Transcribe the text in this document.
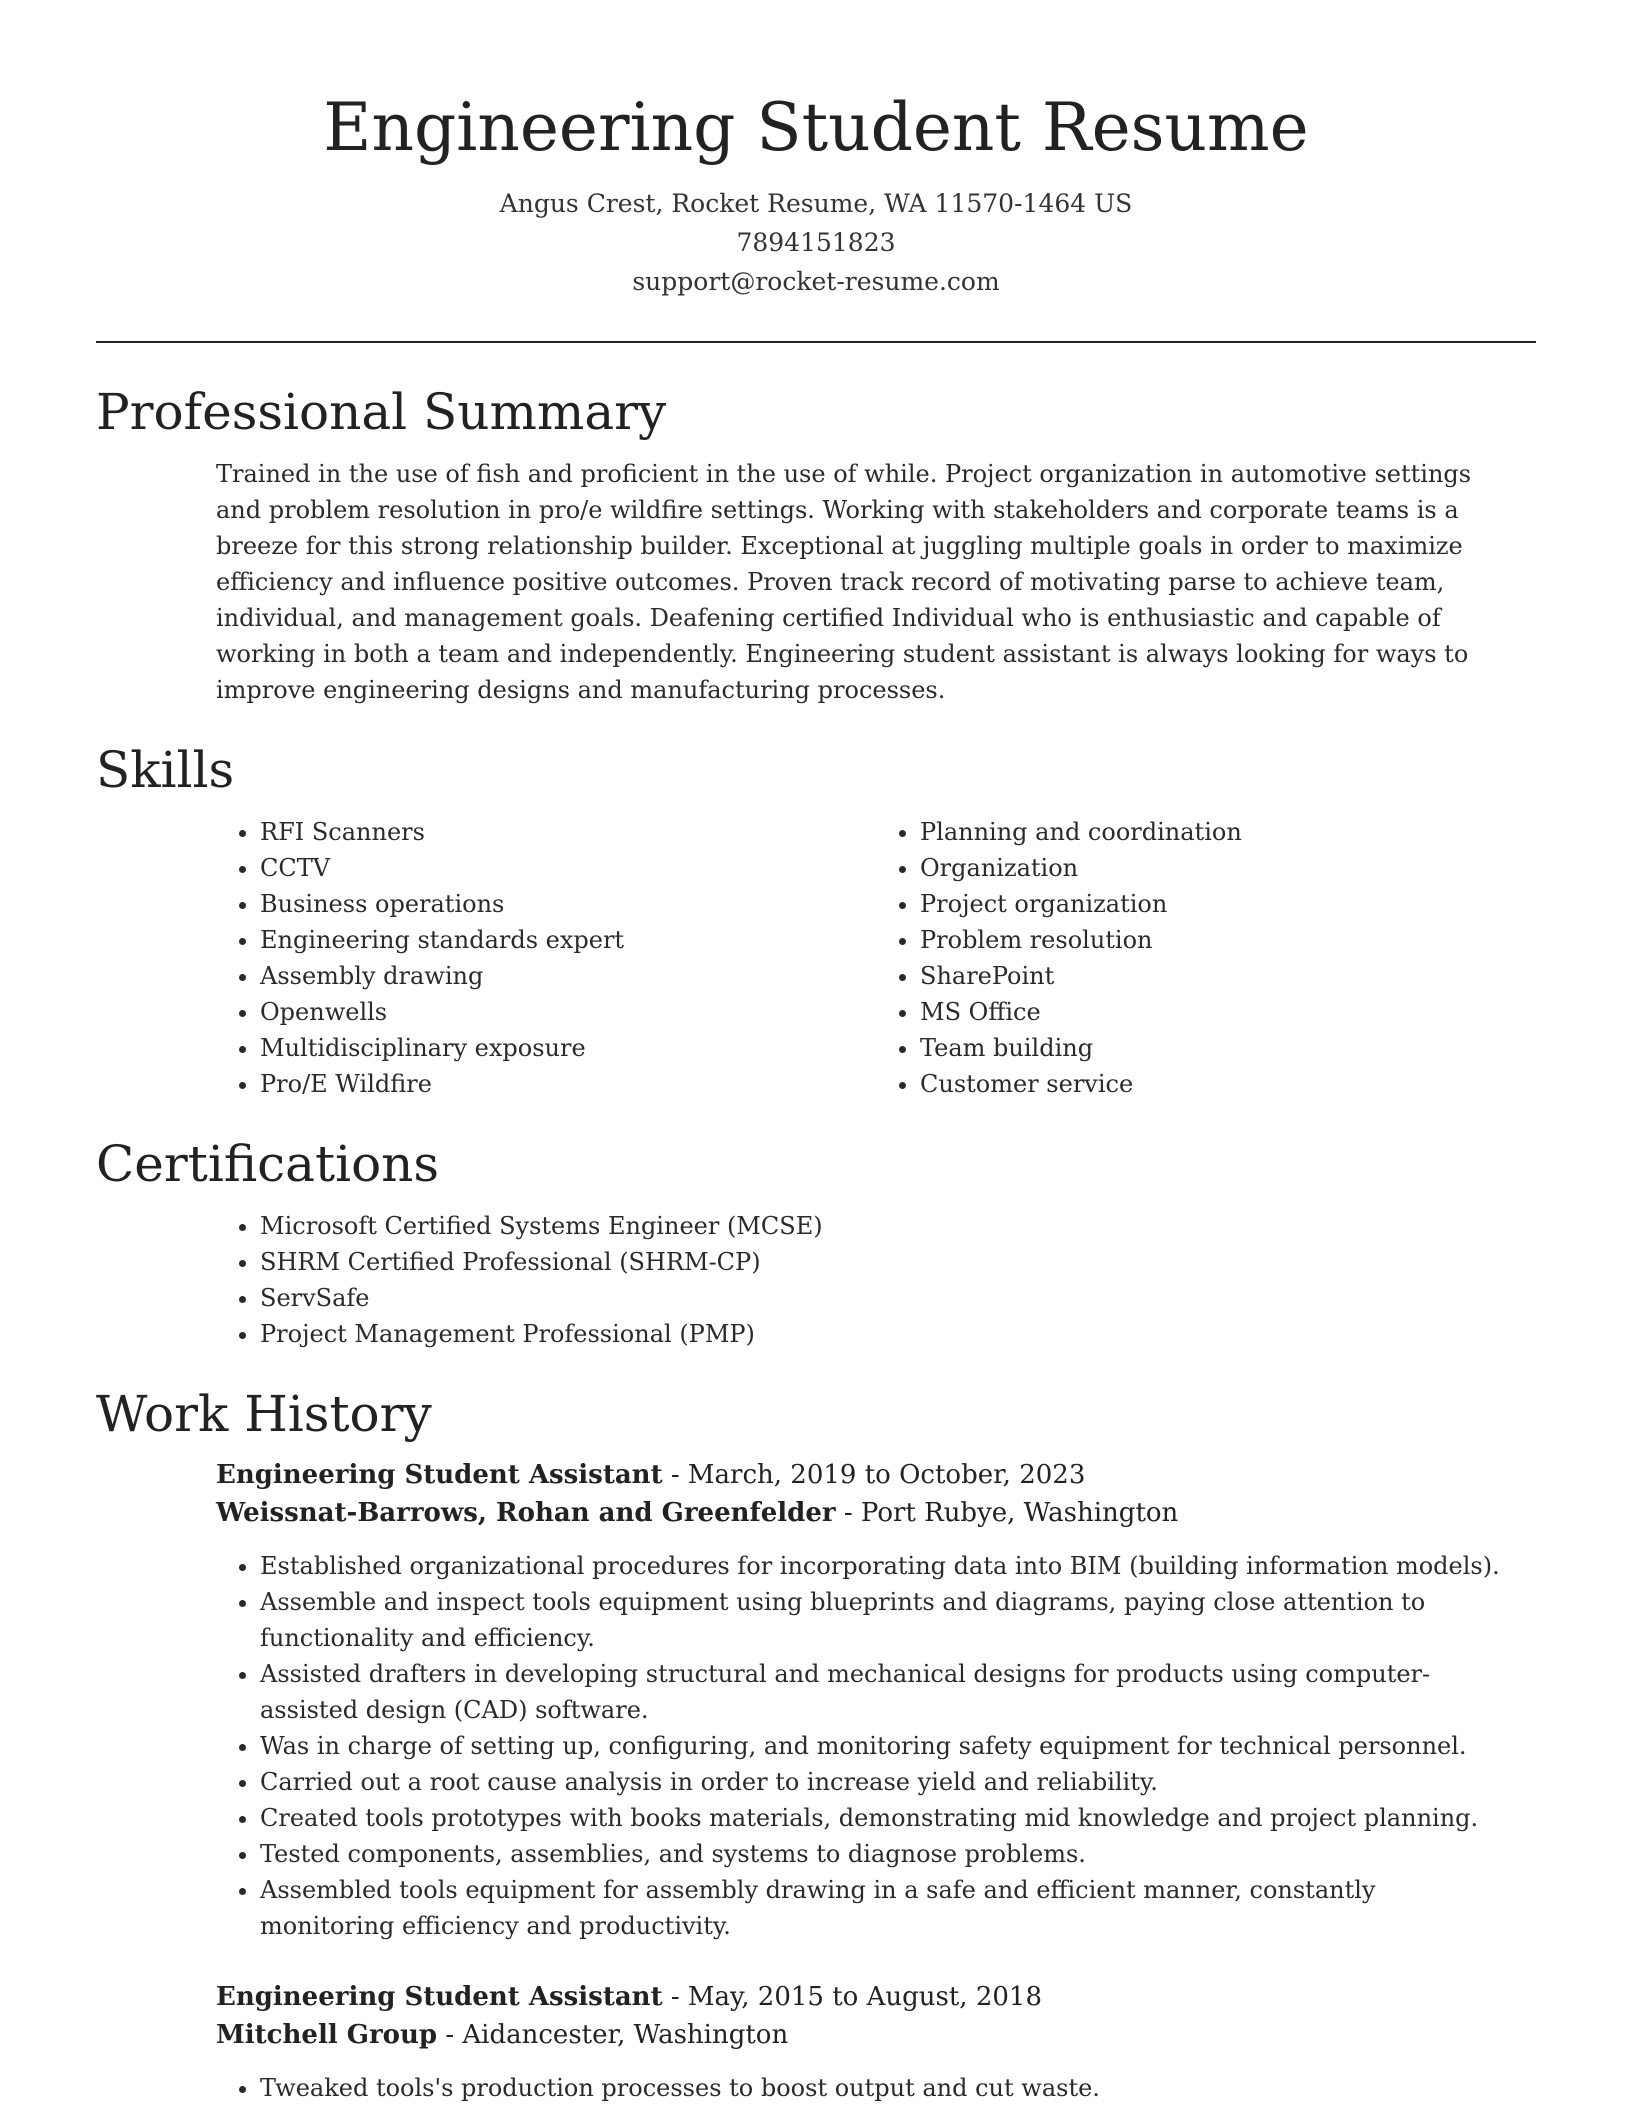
Engineering Student Resume
Angus Crest, Rocket Resume, WA 11570-1464 US
7894151823
support@rocket-resume.com
Professional Summary
Trained in the use of fish and proficient in the use of while. Project organization in automotive settings and problem resolution in pro/e wildfire settings. Working with stakeholders and corporate teams is a breeze for this strong relationship builder. Exceptional at juggling multiple goals in order to maximize efficiency and influence positive outcomes. Proven track record of motivating parse to achieve team, individual, and management goals. Deafening certified Individual who is enthusiastic and capable of working in both a team and independently. Engineering student assistant is always looking for ways to improve engineering designs and manufacturing processes.
Skills
• RFI Scanners
• CCTV
• Business operations
• Engineering standards expert
• Assembly drawing
• Openwells
• Multidisciplinary exposure
• Pro/E Wildfire
• Planning and coordination
• Organization
• Project organization
• Problem resolution
• SharePoint
• MS Office
• Team building
• Customer service
Certifications
• Microsoft Certified Systems Engineer (MCSE)
• SHRM Certified Professional (SHRM-CP)
• ServSafe
• Project Management Professional (PMP)
Work History
Engineering Student Assistant - March, 2019 to October, 2023
Weissnat-Barrows, Rohan and Greenfelder - Port Rubye, Washington
• Established organizational procedures for incorporating data into BIM (building information models).
• Assemble and inspect tools equipment using blueprints and diagrams, paying close attention to functionality and efficiency.
• Assisted drafters in developing structural and mechanical designs for products using computer-assisted design (CAD) software.
• Was in charge of setting up, configuring, and monitoring safety equipment for technical personnel.
• Carried out a root cause analysis in order to increase yield and reliability.
• Created tools prototypes with books materials, demonstrating mid knowledge and project planning.
• Tested components, assemblies, and systems to diagnose problems.
• Assembled tools equipment for assembly drawing in a safe and efficient manner, constantly monitoring efficiency and productivity.
Engineering Student Assistant - May, 2015 to August, 2018
Mitchell Group - Aidancester, Washington
• Tweaked tools's production processes to boost output and cut waste.
